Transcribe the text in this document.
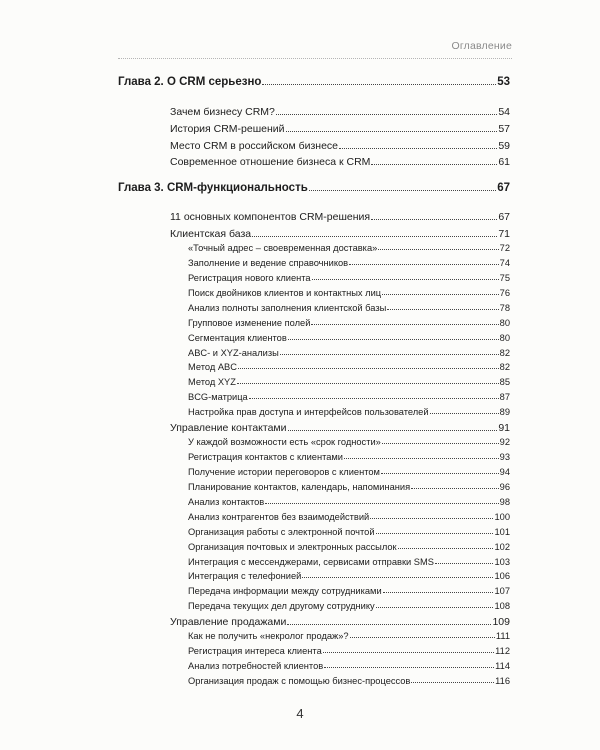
Оглавление
Глава 2. О CRM серьезно	53
Зачем бизнесу CRM?	54
История CRM-решений	57
Место CRM в российском бизнесе	59
Современное отношение бизнеса к CRM	61
Глава 3. CRM-функциональность	67
11 основных компонентов CRM-решения	67
Клиентская база	71
«Точный адрес – своевременная доставка»	72
Заполнение и ведение справочников	74
Регистрация нового клиента	75
Поиск двойников клиентов и контактных лиц	76
Анализ полноты заполнения клиентской базы	78
Групповое изменение полей	80
Сегментация клиентов	80
ABC- и XYZ-анализы	82
Метод ABC	82
Метод XYZ	85
BCG-матрица	87
Настройка прав доступа и интерфейсов пользователей	89
Управление контактами	91
У каждой возможности есть «срок годности»	92
Регистрация контактов с клиентами	93
Получение истории переговоров с клиентом	94
Планирование контактов, календарь, напоминания	96
Анализ контактов	98
Анализ контрагентов без взаимодействий	100
Организация работы с электронной почтой	101
Организация почтовых и электронных рассылок	102
Интеграция с мессенджерами, сервисами отправки SMS	103
Интеграция с телефонией	106
Передача информации между сотрудниками	107
Передача текущих дел другому сотруднику	108
Управление продажами	109
Как не получить «некролог продаж»?	111
Регистрация интереса клиента	112
Анализ потребностей клиентов	114
Организация продаж с помощью бизнес-процессов	116
4
